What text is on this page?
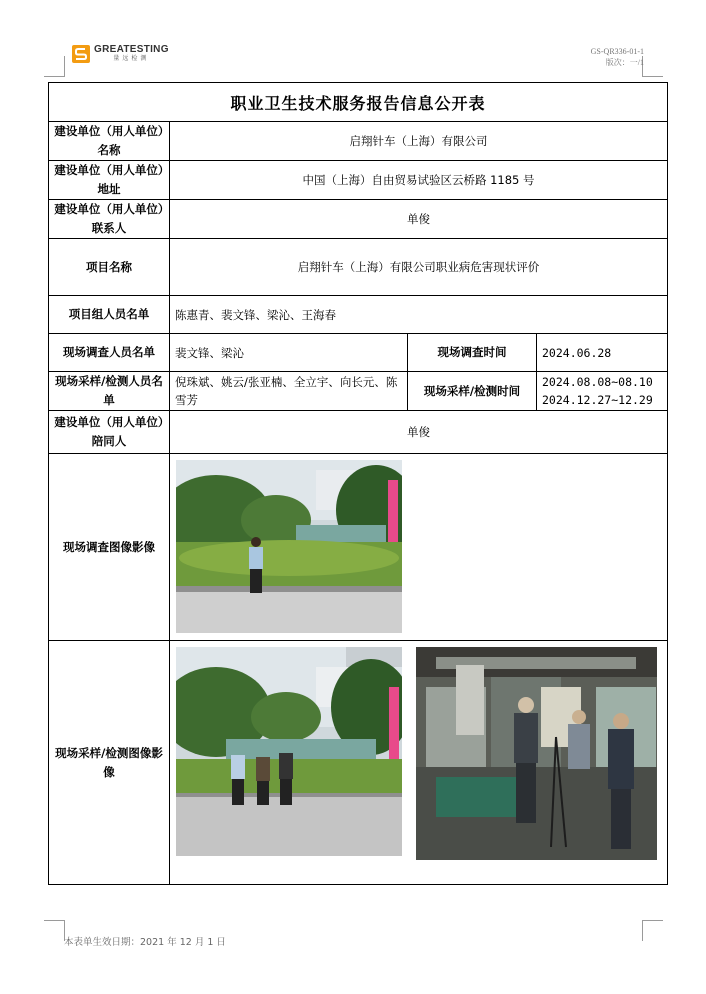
GREATESTING
量远检测
GS-QR336-01-1
版次：一/1
职业卫生技术服务报告信息公开表			
建设单位（用人单位）名称	启翔针车（上海）有限公司		
建设单位（用人单位）地址	中国（上海）自由贸易试验区云桥路 1185 号		
建设单位（用人单位）联系人	单俊		
项目名称	启翔针车（上海）有限公司职业病危害现状评价		
项目组人员名单	陈惠青、裴文锋、梁沁、王海春		
现场调查人员名单	裴文锋、梁沁	现场调查时间	2024.06.28
现场采样/检测人员名单	倪珠斌、姚云/张亚楠、全立宇、向长元、陈雪芳	现场采样/检测时间	2024.08.08~08.10
2024.12.27~12.29

建设单位（用人单位）陪同人	单俊		
现场调查图像影像	

现场采样/检测图像影像	
本表单生效日期：2021 年 12 月 1 日
